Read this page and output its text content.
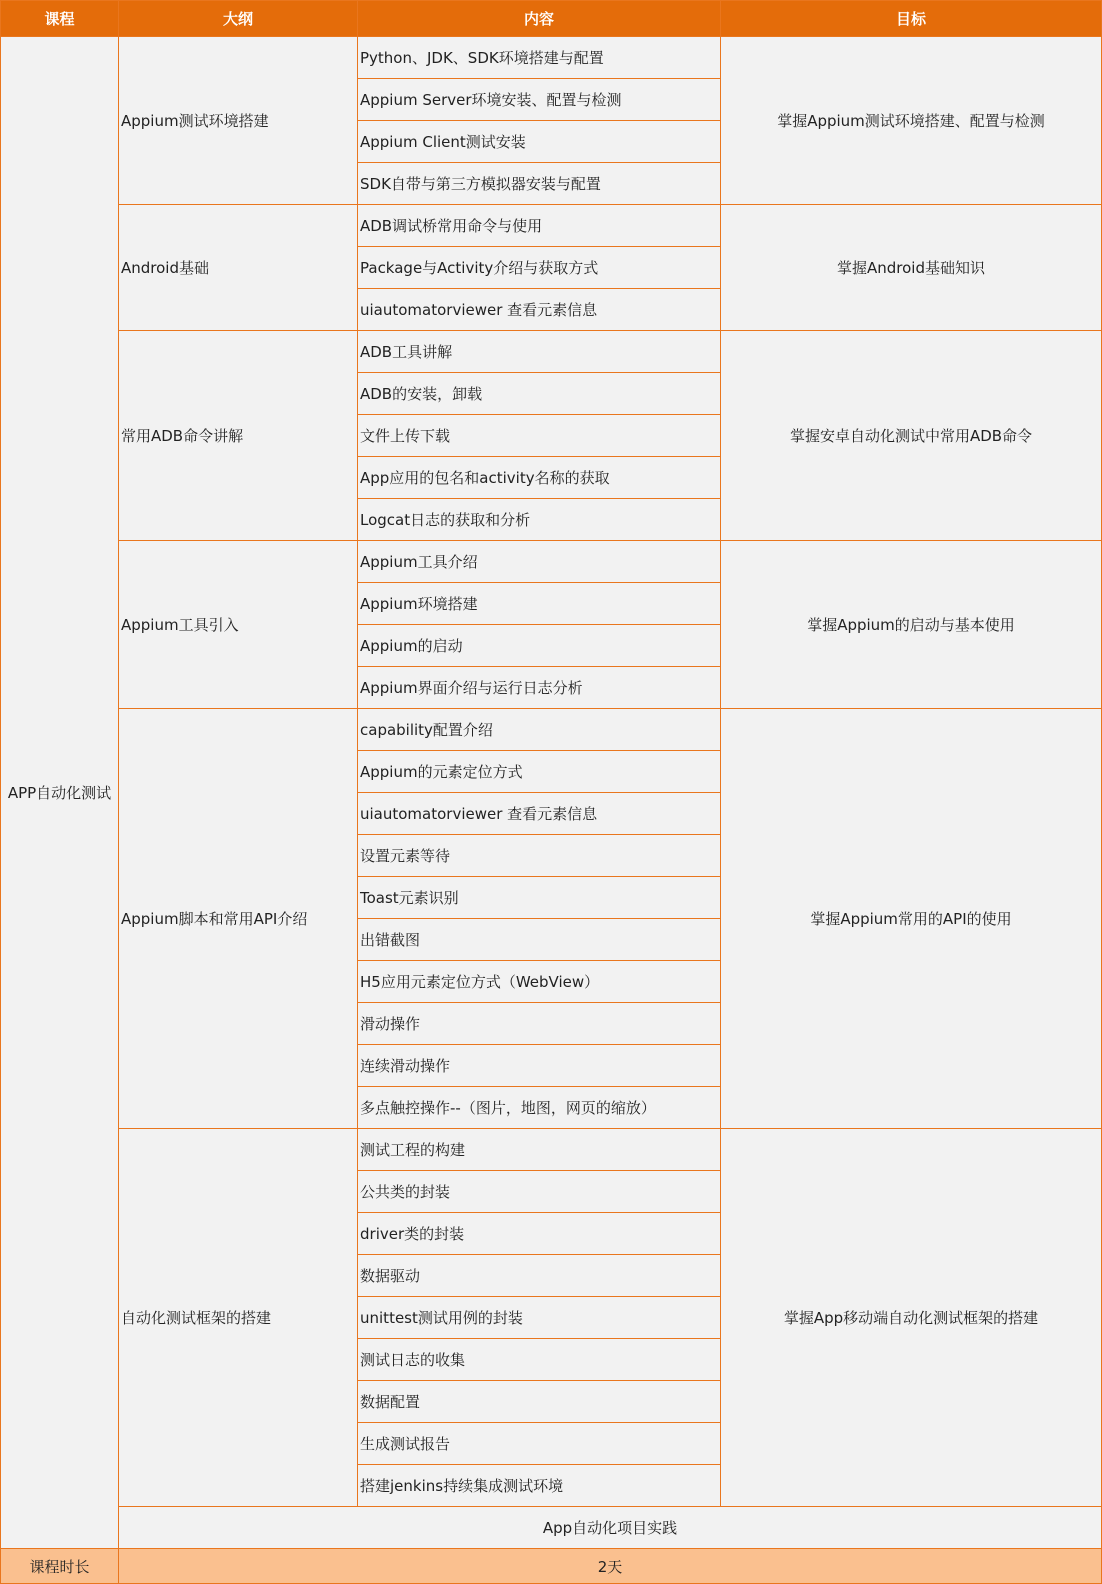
课程	大纲	内容	目标
APP自动化测试	Appium测试环境搭建	Python、JDK、SDK环境搭建与配置	掌握Appium测试环境搭建、配置与检测
		Appium Server环境安装、配置与检测	
		Appium Client测试安装	
		SDK自带与第三方模拟器安装与配置	
	Android基础	ADB调试桥常用命令与使用	掌握Android基础知识
		Package与Activity介绍与获取方式	
		uiautomatorviewer 查看元素信息	
	常用ADB命令讲解	ADB工具讲解	掌握安卓自动化测试中常用ADB命令
		ADB的安装，卸载	
		文件上传下载	
		App应用的包名和activity名称的获取	
		Logcat日志的获取和分析	
	Appium工具引入	Appium工具介绍	掌握Appium的启动与基本使用
		Appium环境搭建	
		Appium的启动	
		Appium界面介绍与运行日志分析	
	Appium脚本和常用API介绍	capability配置介绍	掌握Appium常用的API的使用
		Appium的元素定位方式	
		uiautomatorviewer 查看元素信息	
		设置元素等待	
		Toast元素识别	
		出错截图	
		H5应用元素定位方式（WebView）	
		滑动操作	
		连续滑动操作	
		多点触控操作--（图片，地图，网页的缩放）	
	自动化测试框架的搭建	测试工程的构建	掌握App移动端自动化测试框架的搭建
		公共类的封装	
		driver类的封装	
		数据驱动	
		unittest测试用例的封装	
		测试日志的收集	
		数据配置	
		生成测试报告	
		搭建jenkins持续集成测试环境	
	App自动化项目实践		
课程时长	2天		
